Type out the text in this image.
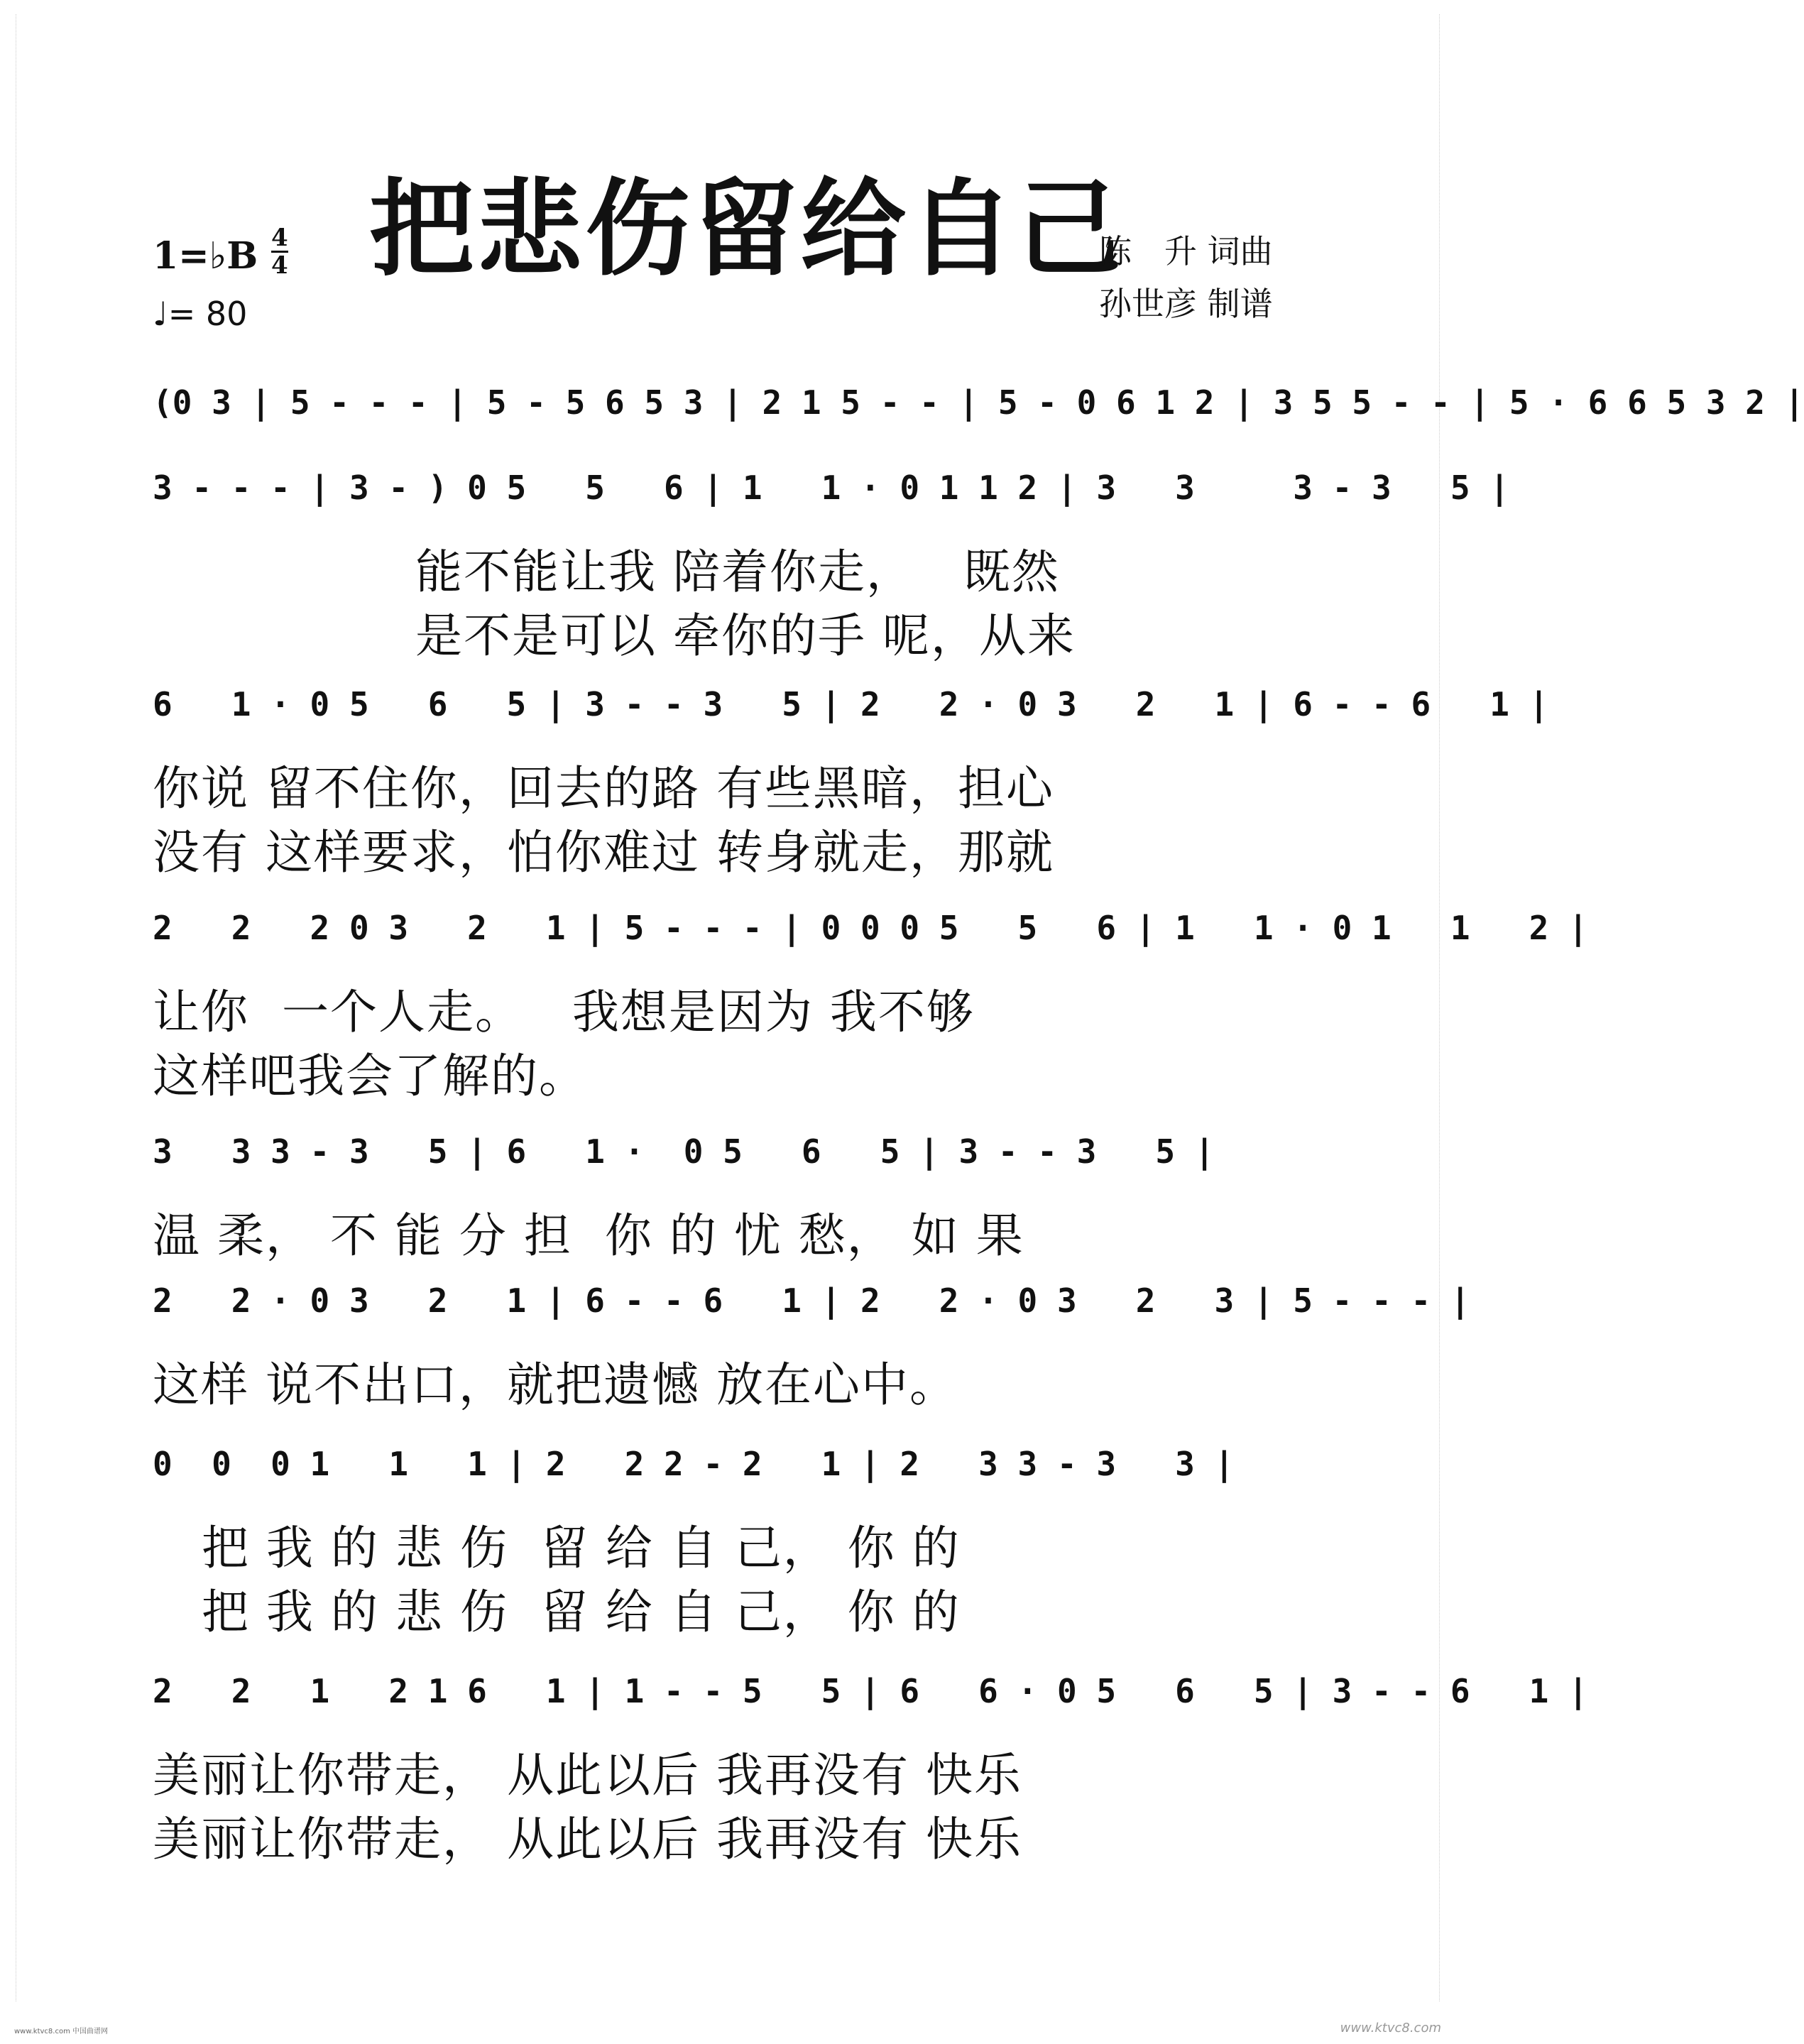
把悲伤留给自己
陈　升 词曲
孙世彦 制谱
1=♭B 4
4
♩= 80
(0 3 | 5 - - - | 5 - 5 6 5 3 | 2 1 5 - - | 5 - 0 6 1 2 | 3 5 5 - - | 5 · 6 6 5 3 2 |
3 - - - | 3 - ) 0 5   5   6 | 1   1 · 0 1 1 2 | 3   3     3 - 3   5 |
能不能让我 陪着你走，   既然
是不是可以 牵你的手 呢，从来
6   1 · 0 5   6   5 | 3 - - 3   5 | 2   2 · 0 3   2   1 | 6 - - 6   1 |
你说 留不住你，回去的路 有些黑暗，担心
没有 这样要求，怕你难过 转身就走，那就
2   2   2 0 3   2   1 | 5 - - - | 0 0 0 5   5   6 | 1   1 · 0 1   1   2 |
让你  一个人走。   我想是因为 我不够
这样吧我会了解的。
3   3 3 - 3   5 | 6   1 ·  0 5   6   5 | 3 - - 3   5 |
温 柔， 不 能 分 担  你 的 忧 愁， 如 果
2   2 · 0 3   2   1 | 6 - - 6   1 | 2   2 · 0 3   2   3 | 5 - - - |
这样 说不出口，就把遗憾 放在心中。
0  0  0 1   1   1 | 2   2 2 - 2   1 | 2   3 3 - 3   3 |
把 我 的 悲 伤  留 给 自 己， 你 的
把 我 的 悲 伤  留 给 自 己， 你 的
2   2   1   2 1 6   1 | 1 - - 5   5 | 6   6 · 0 5   6   5 | 3 - - 6   1 |
美丽让你带走， 从此以后 我再没有 快乐
美丽让你带走， 从此以后 我再没有 快乐
www.ktvc8.com 中国曲谱网	www.ktvc8.com
